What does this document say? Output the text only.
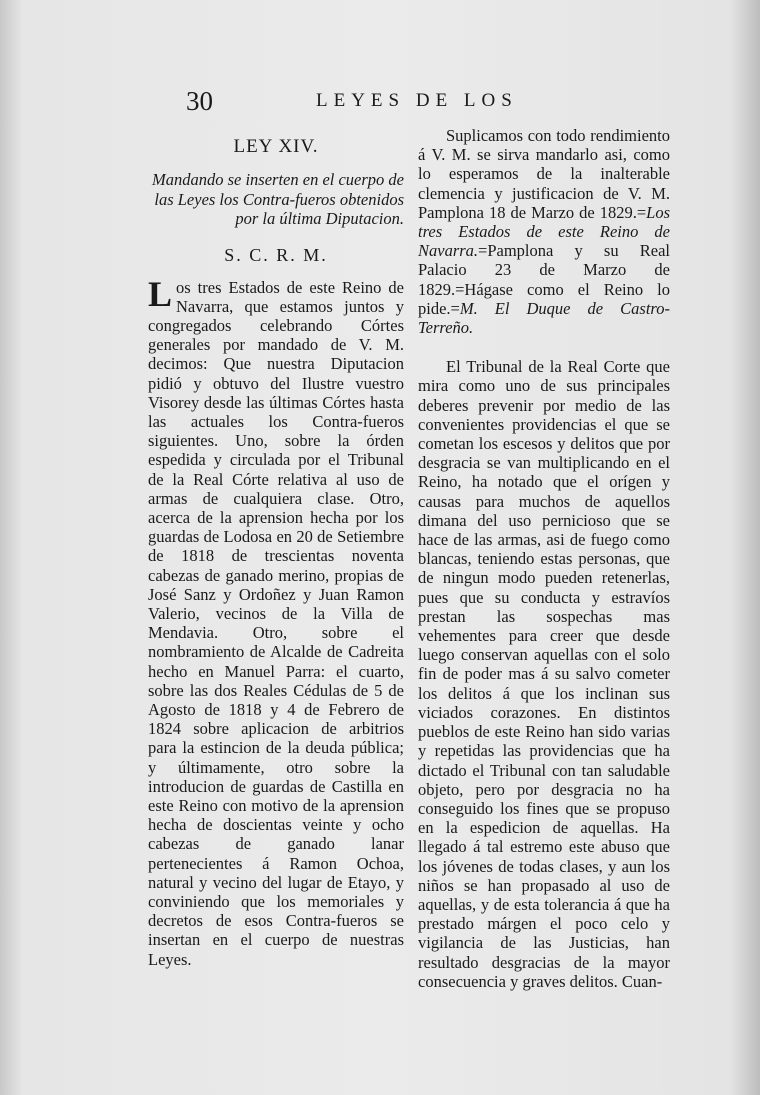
30	LEYES DE LOS
LEY XIV.

Mandando se inserten en el cuerpo de las Leyes los Contra-fueros obtenidos por la última Diputacion.

S. C. R. M.

Los tres Estados de este Reino de Navarra, que estamos juntos y congregados celebrando Córtes generales por mandado de V. M. decimos: Que nuestra Diputacion pidió y obtuvo del Ilustre vuestro Visorey desde las últimas Córtes hasta las actuales los Contra-fueros siguientes. Uno, sobre la órden espedida y circulada por el Tribunal de la Real Córte relativa al uso de armas de cualquiera clase. Otro, acerca de la aprension hecha por los guardas de Lodosa en 20 de Setiembre de 1818 de trescientas noventa cabezas de ganado merino, propias de José Sanz y Ordoñez y Juan Ramon Valerio, vecinos de la Villa de Mendavia. Otro, sobre el nombramiento de Alcalde de Cadreita hecho en Manuel Parra: el cuarto, sobre las dos Reales Cédulas de 5 de Agosto de 1818 y 4 de Febrero de 1824 sobre aplicacion de arbitrios para la estincion de la deuda pública; y últimamente, otro sobre la introducion de guardas de Castilla en este Reino con motivo de la aprension hecha de doscientas veinte y ocho cabezas de ganado lanar pertenecientes á Ramon Ochoa, natural y vecino del lugar de Etayo, y conviniendo que los memoriales y decretos de esos Contra-fueros se insertan en el cuerpo de nuestras Leyes.

Suplicamos con todo rendimiento á V. M. se sirva mandarlo asi, como lo esperamos de la inalterable clemencia y justificacion de V. M. Pamplona 18 de Marzo de 1829.=Los tres Estados de este Reino de Navarra.=Pamplona y su Real Palacio 23 de Marzo de 1829.=Hágase como el Reino lo pide.=M. El Duque de Castro-Terreño.

El Tribunal de la Real Corte que mira como uno de sus principales deberes prevenir por medio de las convenientes providencias el que se cometan los escesos y delitos que por desgracia se van multiplicando en el Reino, ha notado que el orígen y causas para muchos de aquellos dimana del uso pernicioso que se hace de las armas, asi de fuego como blancas, teniendo estas personas, que de ningun modo pueden retenerlas, pues que su conducta y estravíos prestan las sospechas mas vehementes para creer que desde luego conservan aquellas con el solo fin de poder mas á su salvo cometer los delitos á que los inclinan sus viciados corazones. En distintos pueblos de este Reino han sido varias y repetidas las providencias que ha dictado el Tribunal con tan saludable objeto, pero por desgracia no ha conseguido los fines que se propuso en la espedicion de aquellas. Ha llegado á tal estremo este abuso que los jóvenes de todas clases, y aun los niños se han propasado al uso de aquellas, y de esta tolerancia á que ha prestado márgen el poco celo y vigilancia de las Justicias, han resultado desgracias de la mayor consecuencia y graves delitos. Cuan-
